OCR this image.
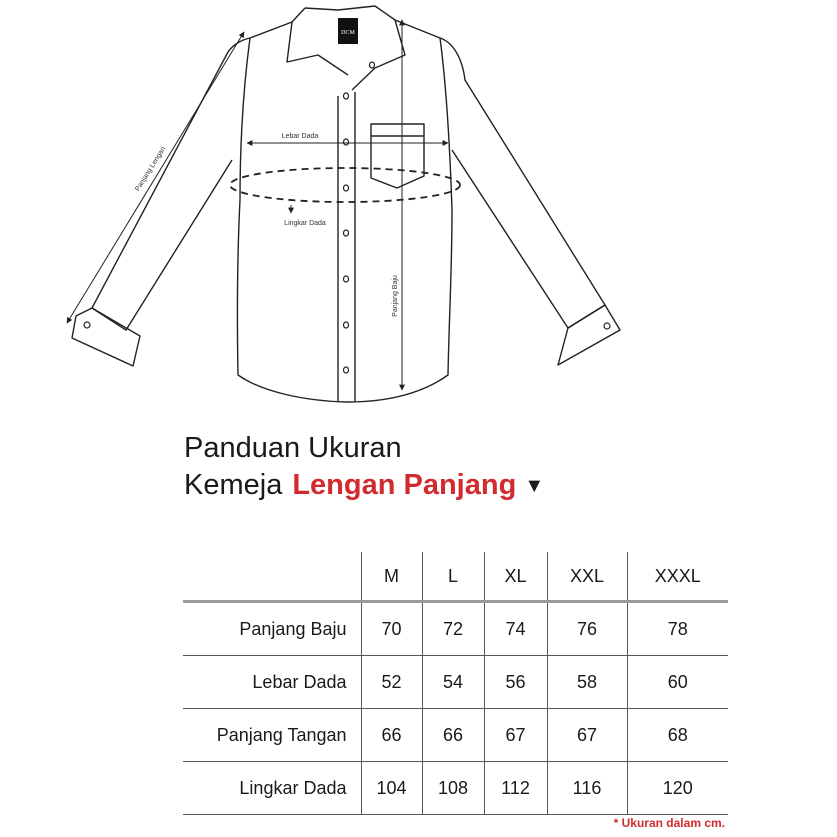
DCM
Lebar Dada
Lingkar Dada
Panjang Lengan
Panjang Baju
Panduan Ukuran
Kemeja Lengan Panjang ▼
	M	L	XL	XXL	XXXL
Panjang Baju	70	72	74	76	78
Lebar Dada	52	54	56	58	60
Panjang Tangan	66	66	67	67	68
Lingkar Dada	104	108	112	116	120
* Ukuran dalam cm.
